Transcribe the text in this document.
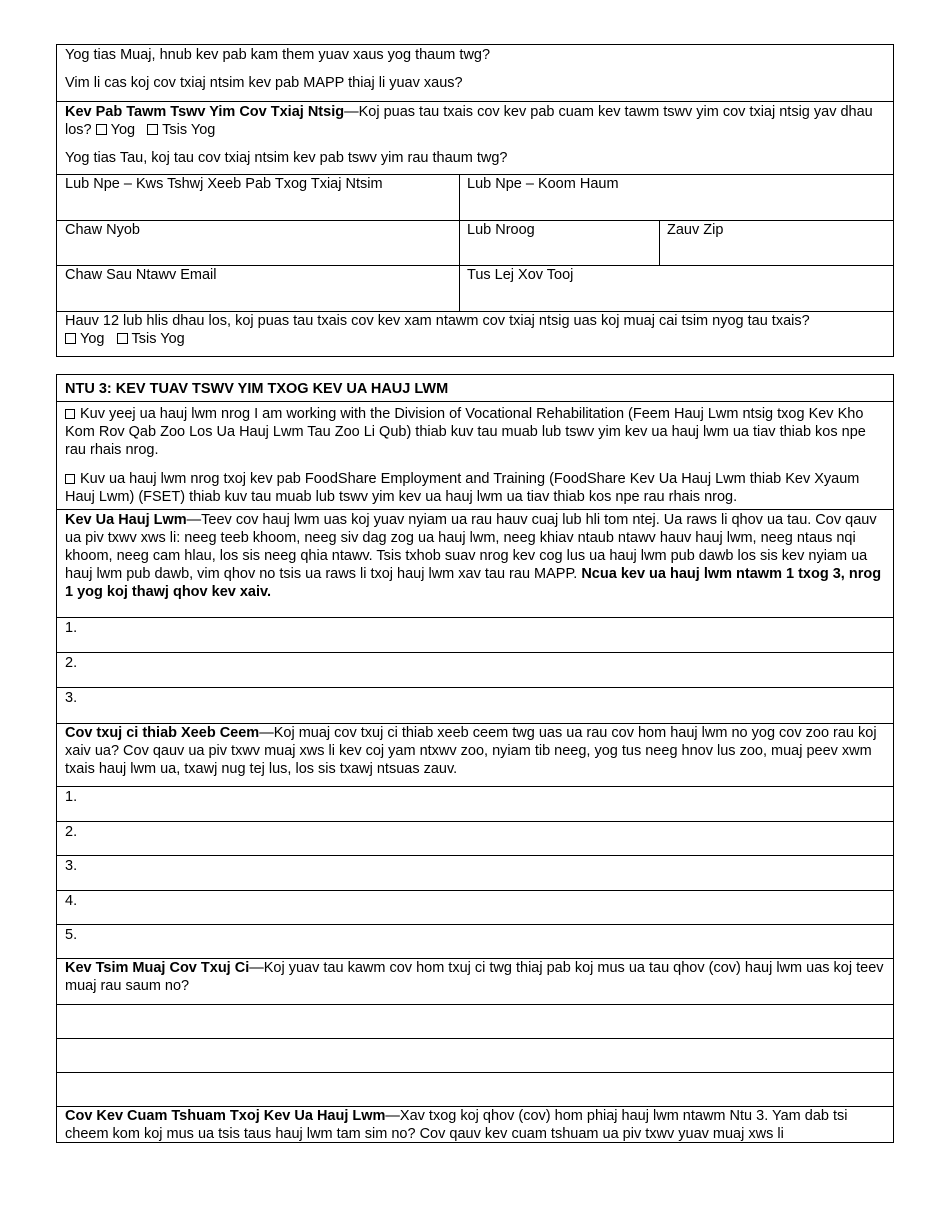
Yog tias Muaj, hnub kev pab kam them yuav xaus yog thaum twg?

Vim li cas koj cov txiaj ntsim kev pab MAPP thiaj li yuav xaus?

Kev Pab Tawm Tswv Yim Cov Txiaj Ntsig—Koj puas tau txais cov kev pab cuam kev tawm tswv yim cov txiaj ntsig yav dhau los? Yog Tsis Yog

Yog tias Tau, koj tau cov txiaj ntsim kev pab tswv yim rau thaum twg?

Lub Npe – Kws Tshwj Xeeb Pab Txog Txiaj Ntsim	Lub Npe – Koom Haum
Chaw Nyob	Lub Nroog	Zauv Zip
Chaw Sau Ntawv Email	Tus Lej Xov Tooj

Hauv 12 lub hlis dhau los, koj puas tau txais cov kev xam ntawm cov txiaj ntsig uas koj muaj cai tsim nyog tau txais?

Yog Tsis Yog

NTU 3: KEV TUAV TSWV YIM TXOG KEV UA HAUJ LWM

Kuv yeej ua hauj lwm nrog I am working with the Division of Vocational Rehabilitation (Feem Hauj Lwm ntsig txog Kev Kho Kom Rov Qab Zoo Los Ua Hauj Lwm Tau Zoo Li Qub) thiab kuv tau muab lub tswv yim kev ua hauj lwm ua tiav thiab kos npe rau rhais nrog.

Kuv ua hauj lwm nrog txoj kev pab FoodShare Employment and Training (FoodShare Kev Ua Hauj Lwm thiab Kev Xyaum Hauj Lwm) (FSET) thiab kuv tau muab lub tswv yim kev ua hauj lwm ua tiav thiab kos npe rau rhais nrog.

Kev Ua Hauj Lwm—Teev cov hauj lwm uas koj yuav nyiam ua rau hauv cuaj lub hli tom ntej. Ua raws li qhov ua tau. Cov qauv ua piv txwv xws li: neeg teeb khoom, neeg siv dag zog ua hauj lwm, neeg khiav ntaub ntawv hauv hauj lwm, neeg ntaus nqi khoom, neeg cam hlau, los sis neeg qhia ntawv. Tsis txhob suav nrog kev cog lus ua hauj lwm pub dawb los sis kev nyiam ua hauj lwm pub dawb, vim qhov no tsis ua raws li txoj hauj lwm xav tau rau MAPP. Ncua kev ua hauj lwm ntawm 1 txog 3, nrog 1 yog koj thawj qhov kev xaiv.

1.
2.
3.

Cov txuj ci thiab Xeeb Ceem—Koj muaj cov txuj ci thiab xeeb ceem twg uas ua rau cov hom hauj lwm no yog cov zoo rau koj xaiv ua? Cov qauv ua piv txwv muaj xws li kev coj yam ntxwv zoo, nyiam tib neeg, yog tus neeg hnov lus zoo, muaj peev xwm txais hauj lwm ua, txawj nug tej lus, los sis txawj ntsuas zauv.

1.
2.
3.
4.
5.

Kev Tsim Muaj Cov Txuj Ci—Koj yuav tau kawm cov hom txuj ci twg thiaj pab koj mus ua tau qhov (cov) hauj lwm uas koj teev muaj rau saum no?

Cov Kev Cuam Tshuam Txoj Kev Ua Hauj Lwm—Xav txog koj qhov (cov) hom phiaj hauj lwm ntawm Ntu 3. Yam dab tsi cheem kom koj mus ua tsis taus hauj lwm tam sim no? Cov qauv kev cuam tshuam ua piv txwv yuav muaj xws li
